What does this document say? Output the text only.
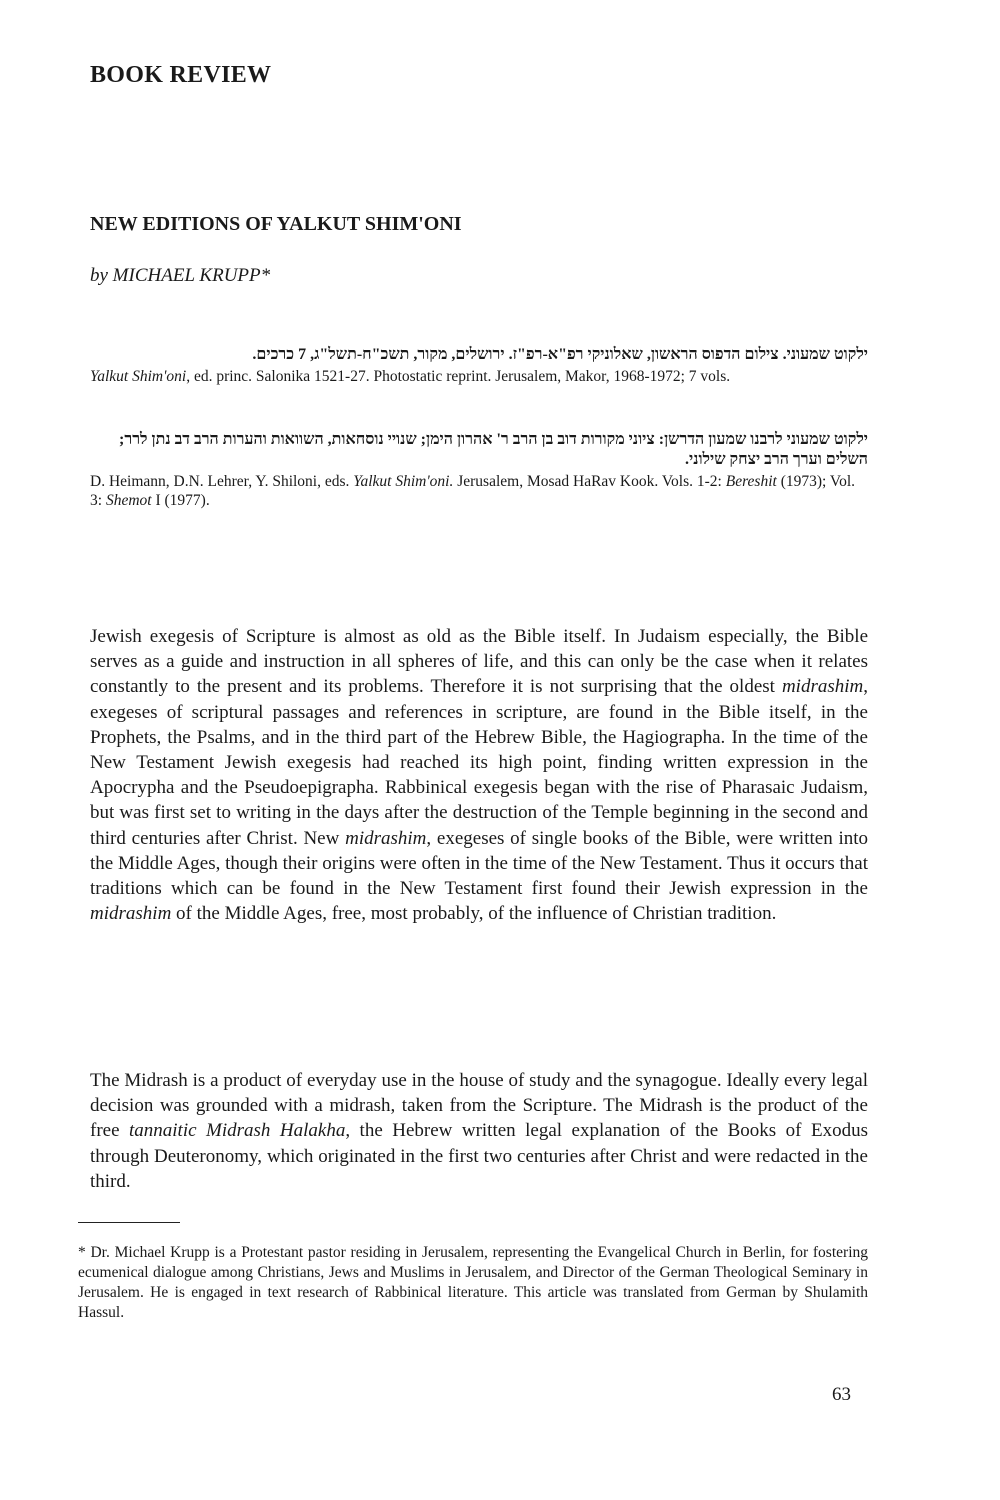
BOOK REVIEW
NEW EDITIONS OF YALKUT SHIM'ONI
by MICHAEL KRUPP*
ילקוט שמעוני. צילום הדפוס הראשון, שאלוניקי רפ"א-רפ"ז. ירושלים, מקור, תשכ"ח-תשל"ג, 7 כרכים.
Yalkut Shim'oni, ed. princ. Salonika 1521-27. Photostatic reprint. Jerusalem, Makor, 1968-1972; 7 vols.
ילקוט שמעוני לרבנו שמעון הדרשן: ציוני מקורות דוב בן הרב ר' אהרון הימן; שנויי נוסחאות, השוואות והערות הרב דב נתן לרר; השלים וערך הרב יצחק שילוני.
D. Heimann, D.N. Lehrer, Y. Shiloni, eds. Yalkut Shim'oni. Jerusalem, Mosad HaRav Kook. Vols. 1-2: Bereshit (1973); Vol. 3: Shemot I (1977).

Jewish exegesis of Scripture is almost as old as the Bible itself. In Judaism especially, the Bible serves as a guide and instruction in all spheres of life, and this can only be the case when it relates constantly to the present and its problems. Therefore it is not surprising that the oldest midrashim, exegeses of scriptural passages and references in scripture, are found in the Bible itself, in the Prophets, the Psalms, and in the third part of the Hebrew Bible, the Hagiographa. In the time of the New Testament Jewish exegesis had reached its high point, finding written expression in the Apocrypha and the Pseudoepigrapha. Rabbinical exegesis began with the rise of Pharasaic Judaism, but was first set to writing in the days after the destruction of the Temple beginning in the second and third centuries after Christ. New midrashim, exegeses of single books of the Bible, were written into the Middle Ages, though their origins were often in the time of the New Testament. Thus it occurs that traditions which can be found in the New Testament first found their Jewish expression in the midrashim of the Middle Ages, free, most probably, of the influence of Christian tradition.

The Midrash is a product of everyday use in the house of study and the synagogue. Ideally every legal decision was grounded with a midrash, taken from the Scripture. The Midrash is the product of the free tannaitic Midrash Halakha, the Hebrew written legal explanation of the Books of Exodus through Deuteronomy, which originated in the first two centuries after Christ and were redacted in the third.

* Dr. Michael Krupp is a Protestant pastor residing in Jerusalem, representing the Evangelical Church in Berlin, for fostering ecumenical dialogue among Christians, Jews and Muslims in Jerusalem, and Director of the German Theological Seminary in Jerusalem. He is engaged in text research of Rabbinical literature. This article was translated from German by Shulamith Hassul.
63
